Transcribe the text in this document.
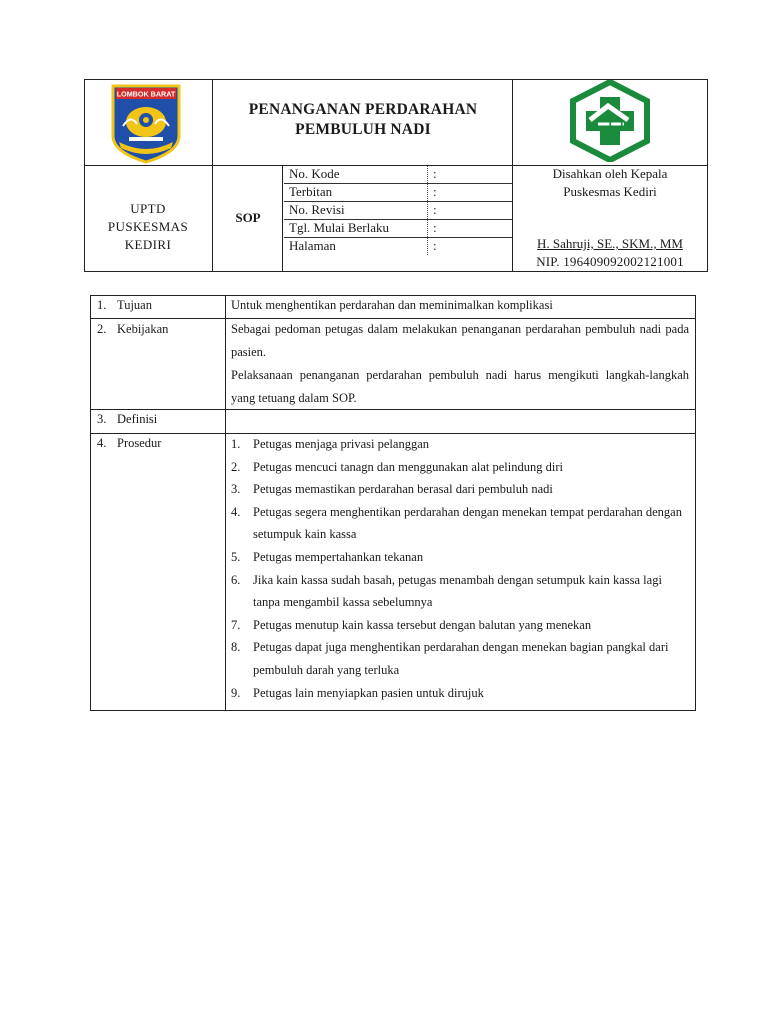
LOMBOK BARAT
PENANGANAN PERDARAHAN
PEMBULUH NADI
UPTD
PUSKESMAS
KEDIRI
SOP
No. Kode	:
Terbitan	:
No. Revisi	:
Tgl. Mulai Berlaku	:
Halaman	:
Disahkan oleh Kepala
Puskesmas Kediri
H. Sahruji, SE., SKM., MM
NIP. 196409092002121001
1. Tujuan	Untuk menghentikan perdarahan dan meminimalkan komplikasi
2. Kebijakan	Sebagai pedoman petugas dalam melakukan penanganan perdarahan pembuluh nadi pada pasien.

Pelaksanaan penanganan perdarahan pembuluh nadi harus mengikuti langkah-langkah yang tetuang dalam SOP.

3. Definisi
4. Prosedur	1. Petugas menjaga privasi pelanggan
2. Petugas mencuci tanagn dan menggunakan alat pelindung diri
3. Petugas memastikan perdarahan berasal dari pembuluh nadi
4. Petugas segera menghentikan perdarahan dengan menekan tempat perdarahan dengan setumpuk kain kassa
5. Petugas mempertahankan tekanan
6. Jika kain kassa sudah basah, petugas menambah dengan setumpuk kain kassa lagi tanpa mengambil kassa sebelumnya
7. Petugas menutup kain kassa tersebut dengan balutan yang menekan
8. Petugas dapat juga menghentikan perdarahan dengan menekan bagian pangkal dari pembuluh darah yang terluka
9. Petugas lain menyiapkan pasien untuk dirujuk
